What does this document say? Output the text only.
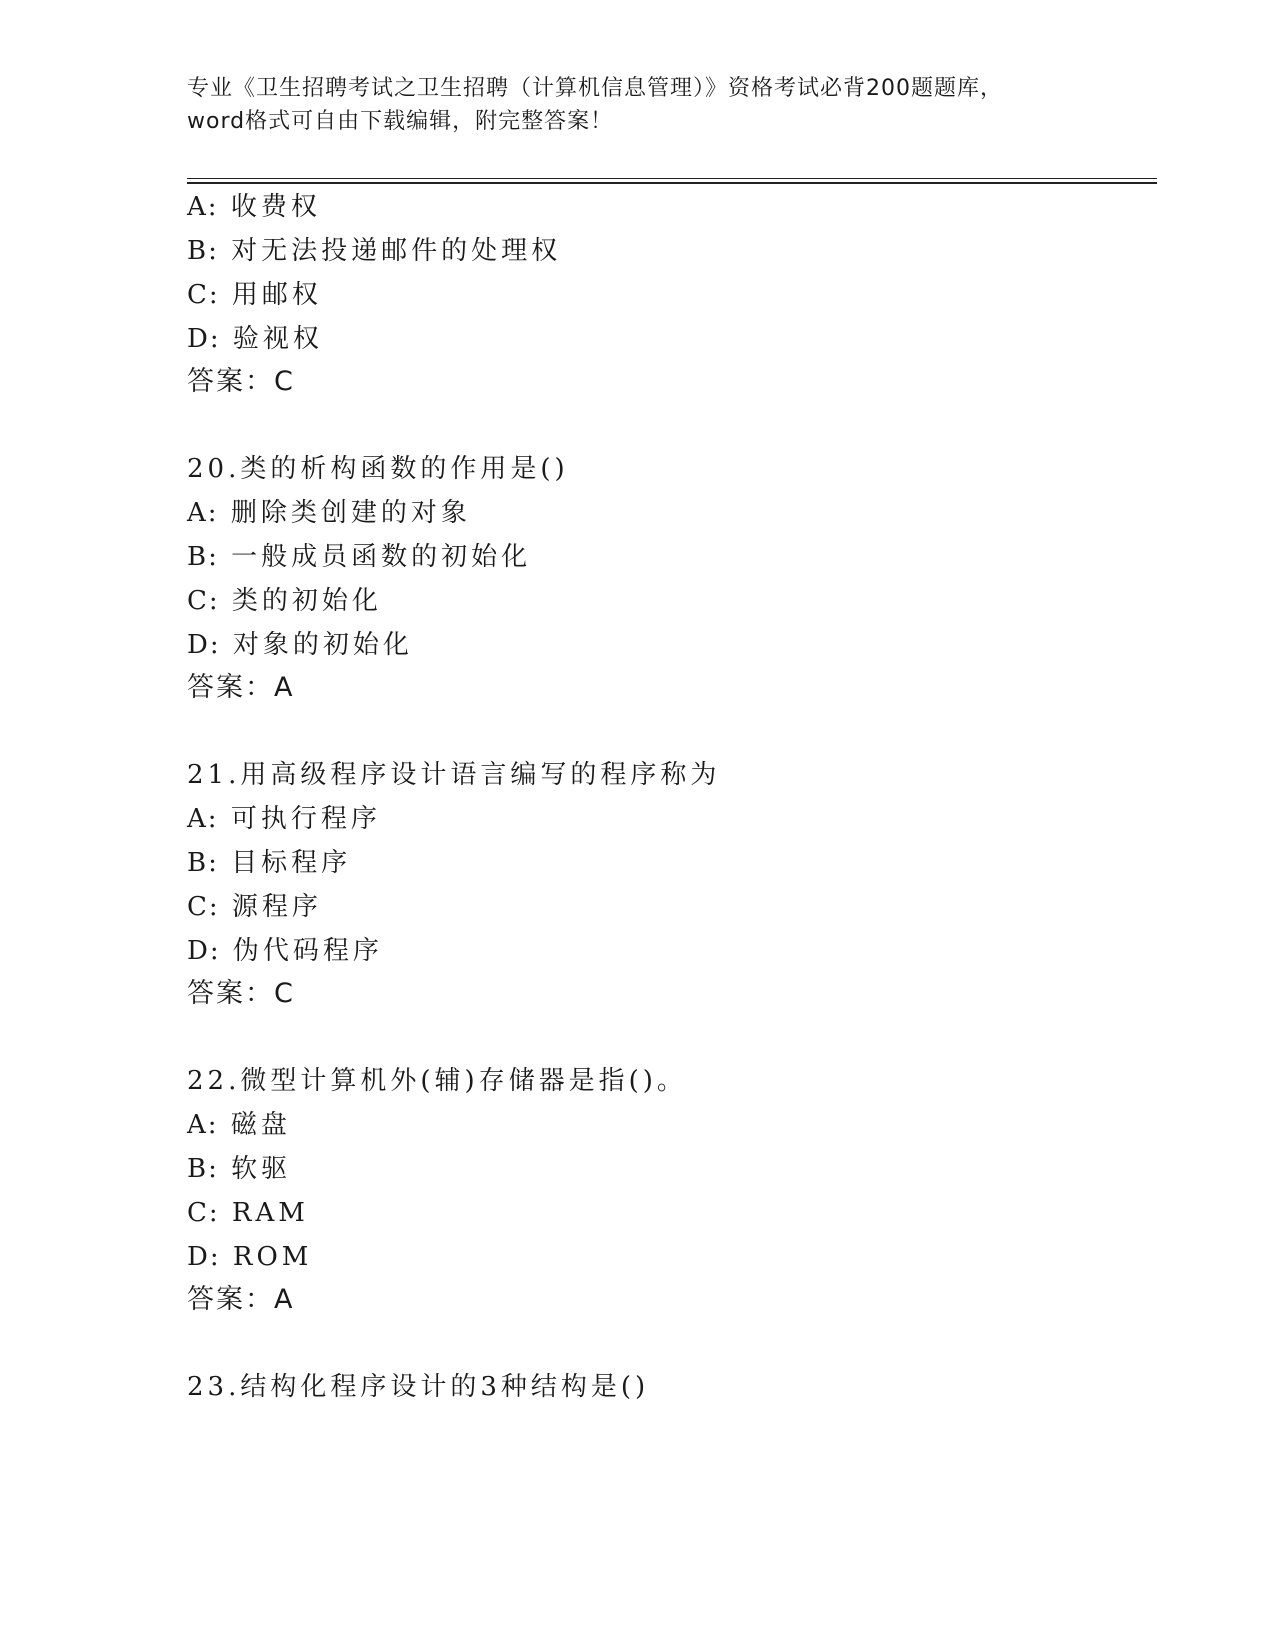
专业《卫生招聘考试之卫生招聘（计算机信息管理）》资格考试必背200题题库，

word格式可自由下载编辑，附完整答案！

A: 收费权
B: 对无法投递邮件的处理权
C: 用邮权
D: 验视权
答案：C
20.类的析构函数的作用是()
A: 删除类创建的对象
B: 一般成员函数的初始化
C: 类的初始化
D: 对象的初始化
答案：A
21.用高级程序设计语言编写的程序称为
A: 可执行程序
B: 目标程序
C: 源程序
D: 伪代码程序
答案：C
22.微型计算机外(辅)存储器是指()。
A: 磁盘
B: 软驱
C: RAM
D: ROM
答案：A
23.结构化程序设计的3种结构是()
